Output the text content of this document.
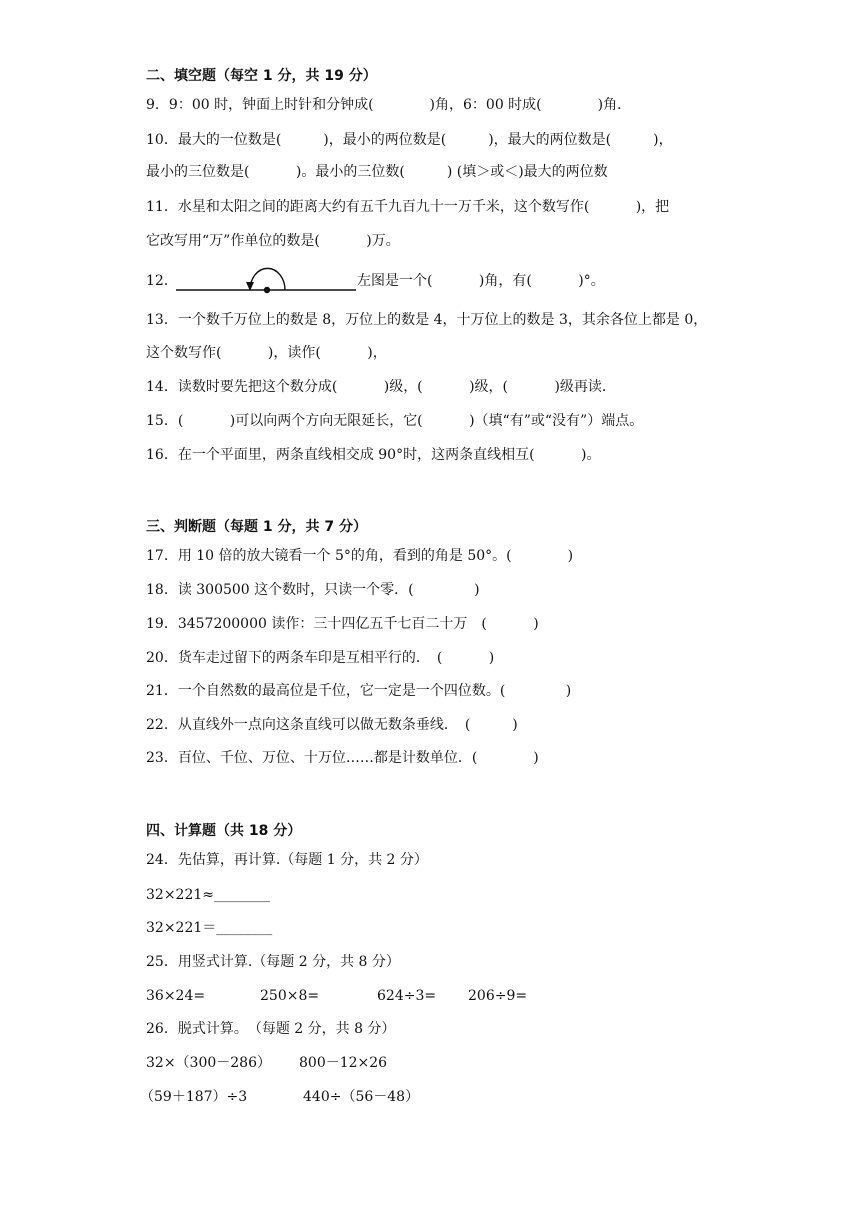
二、填空题（每空 1 分，共 19 分）
9．9：00 时，钟面上时针和分钟成(　　　　)角，6：00 时成(　　　　)角．
10．最大的一位数是(　　　)，最小的两位数是(　　　)，最大的两位数是(　　　)，
最小的三位数是(　　　 )。最小的三位数(　　　) (填＞或＜)最大的两位数
11．水星和太阳之间的距离大约有五千九百九十一万千米，这个数写作(　　　 )，把
它改写用“万”作单位的数是(　　　 )万。
12．	左图是一个(　　　 )角，有(　　　 )°。
13．一个数千万位上的数是 8，万位上的数是 4，十万位上的数是 3，其余各位上都是 0，
这个数写作(　　　 )，读作(　　　 )，
14．读数时要先把这个数分成(　　　 )级，(　　　 )级，(　　　 )级再读．
15．(　　　 )可以向两个方向无限延长，它(　　　 )（填“有”或“没有”）端点。
16．在一个平面里，两条直线相交成 90°时，这两条直线相互(　　　 )。
三、判断题（每题 1 分，共 7 分）
17．用 10 倍的放大镜看一个 5°的角，看到的角是 50°。(　　　　)
18．读 300500 这个数时，只读一个零．(　　　　 )
19．3457200000 读作：三十四亿五千七百二十万　(　　　 )
20．货车走过留下的两条车印是互相平行的．　(　　　 )
21．一个自然数的最高位是千位，它一定是一个四位数。(　　　　 )
22．从直线外一点向这条直线可以做无数条垂线．　(　　　)
23．百位、千位、万位、十万位……都是计数单位．(　　　　)
四、计算题（共 18 分）
24．先估算，再计算.（每题 1 分，共 2 分）
32×221≈________
32×221＝________
25．用竖式计算.（每题 2 分，共 8 分）
36×24=	250×8=	624÷3= 206÷9=
26．脱式计算。　（每题 2 分，共 8 分）
32×（300－286） 800－12×26
（59＋187）÷3	440÷（56－48）
